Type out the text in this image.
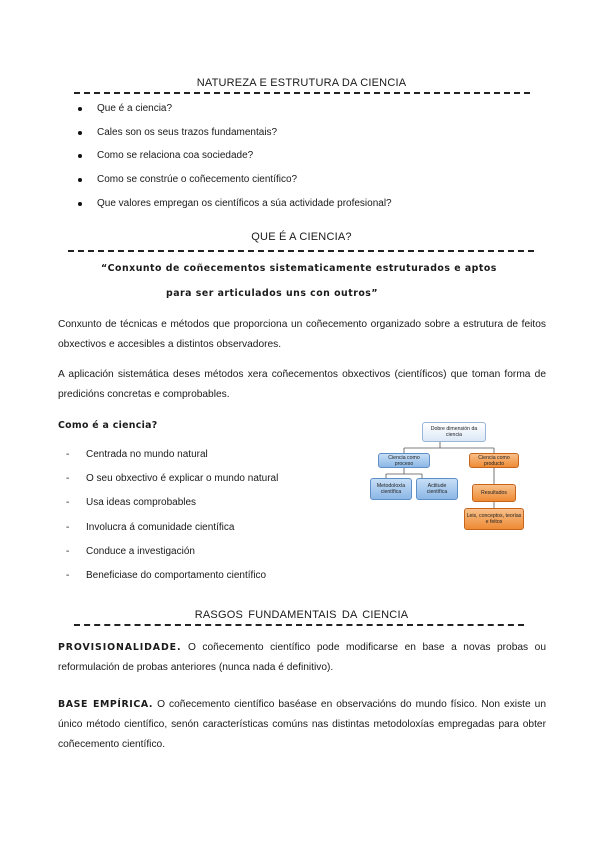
NATUREZA E ESTRUTURA DA CIENCIA
Que é a ciencia?
Cales son os seus trazos fundamentais?
Como se relaciona coa sociedade?
Como se constrúe o coñecemento científico?
Que valores empregan os científicos a súa actividade profesional?
QUE É A CIENCIA?
“Conxunto de coñecementos sistematicamente estruturados e aptos
para ser articulados uns con outros”
Conxunto de técnicas e métodos que proporciona un coñecemento organizado sobre a estrutura de feitos obxectivos e accesibles a distintos observadores.
A aplicación sistemática deses métodos xera coñecementos obxectivos (científicos) que toman forma de predicións concretas e comprobables.
Como é a ciencia?
- Centrada no mundo natural
- O seu obxectivo é explicar o mundo natural
- Usa ideas comprobables
- Involucra á comunidade científica
- Conduce a investigación
- Beneficiase do comportamento científico
Dobre dimensión da ciencia
Ciencia como proceso
Ciencia como producto
Metodoloxía científica
Actitude científica	Resultados
Leis, conceptos, teorías e feitos
RASGOS FUNDAMENTAIS DA CIENCIA
PROVISIONALIDADE. O coñecemento científico pode modificarse en base a novas probas ou reformulación de probas anteriores (nunca nada é definitivo).
BASE EMPÍRICA. O coñecemento científico baséase en observacións do mundo físico. Non existe un único método científico, senón características comúns nas distintas metodoloxías empregadas para obter coñecemento científico.
